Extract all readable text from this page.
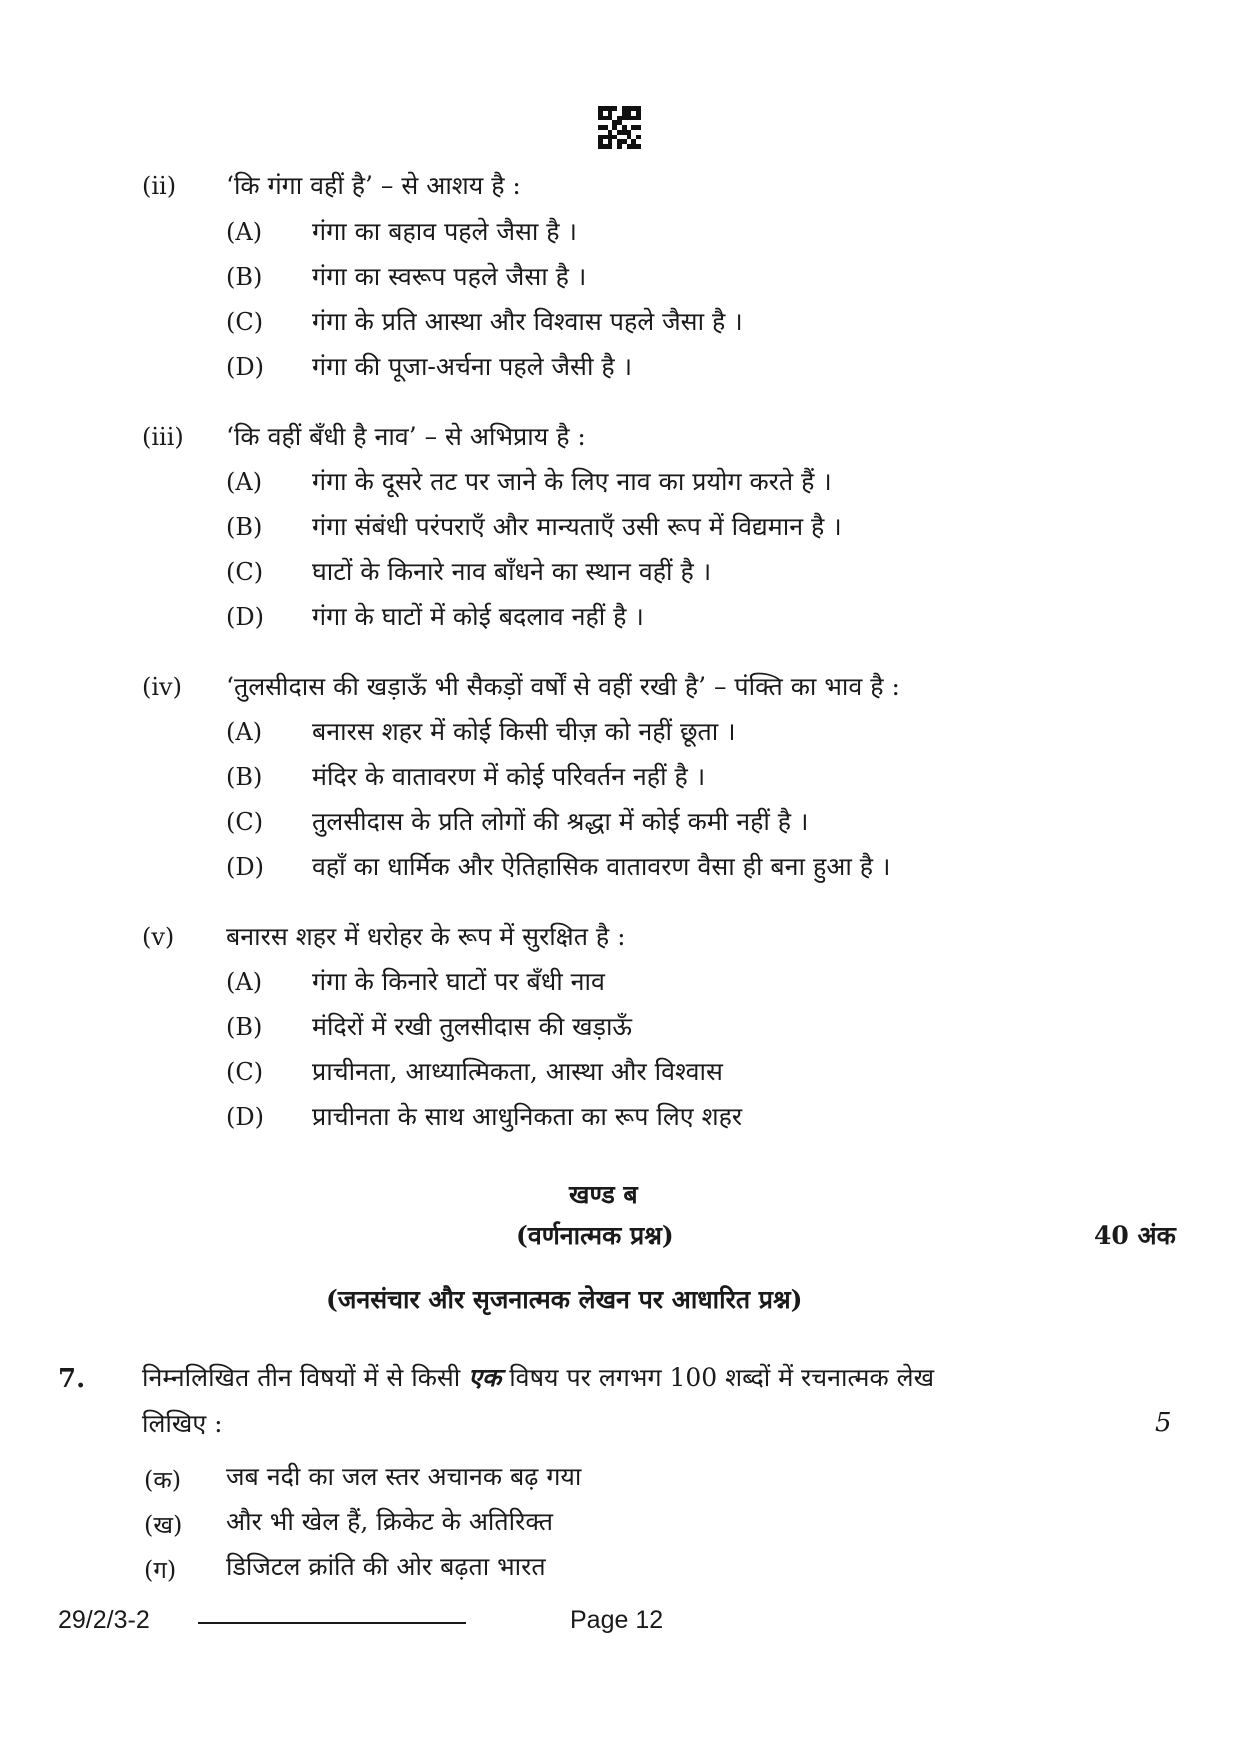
(ii) ‘कि गंगा वहीं है’ – से आशय है :
(A) गंगा का बहाव पहले जैसा है ।
(B) गंगा का स्वरूप पहले जैसा है ।
(C) गंगा के प्रति आस्था और विश्वास पहले जैसा है ।
(D) गंगा की पूजा-अर्चना पहले जैसी है ।
(iii) ‘कि वहीं बँधी है नाव’ – से अभिप्राय है :
(A) गंगा के दूसरे तट पर जाने के लिए नाव का प्रयोग करते हैं ।
(B) गंगा संबंधी परंपराएँ और मान्यताएँ उसी रूप में विद्यमान है ।
(C) घाटों के किनारे नाव बाँधने का स्थान वहीं है ।
(D) गंगा के घाटों में कोई बदलाव नहीं है ।
(iv) ‘तुलसीदास की खड़ाऊँ भी सैकड़ों वर्षों से वहीं रखी है’ – पंक्ति का भाव है :
(A) बनारस शहर में कोई किसी चीज़ को नहीं छूता ।
(B) मंदिर के वातावरण में कोई परिवर्तन नहीं है ।
(C) तुलसीदास के प्रति लोगों की श्रद्धा में कोई कमी नहीं है ।
(D) वहाँ का धार्मिक और ऐतिहासिक वातावरण वैसा ही बना हुआ है ।
(v) बनारस शहर में धरोहर के रूप में सुरक्षित है :
(A) गंगा के किनारे घाटों पर बँधी नाव
(B) मंदिरों में रखी तुलसीदास की खड़ाऊँ
(C) प्राचीनता, आध्यात्मिकता, आस्था और विश्वास
(D) प्राचीनता के साथ आधुनिकता का रूप लिए शहर
खण्ड ब
(वर्णनात्मक प्रश्न)	40 अंक
(जनसंचार और सृजनात्मक लेखन पर आधारित प्रश्न)
7. निम्नलिखित तीन विषयों में से किसी एक विषय पर लगभग 100 शब्दों में रचनात्मक लेख
लिखिए :	5
(क) जब नदी का जल स्तर अचानक बढ़ गया
(ख) और भी खेल हैं, क्रिकेट के अतिरिक्त
(ग) डिजिटल क्रांति की ओर बढ़ता भारत
29/2/3-2	Page 12
